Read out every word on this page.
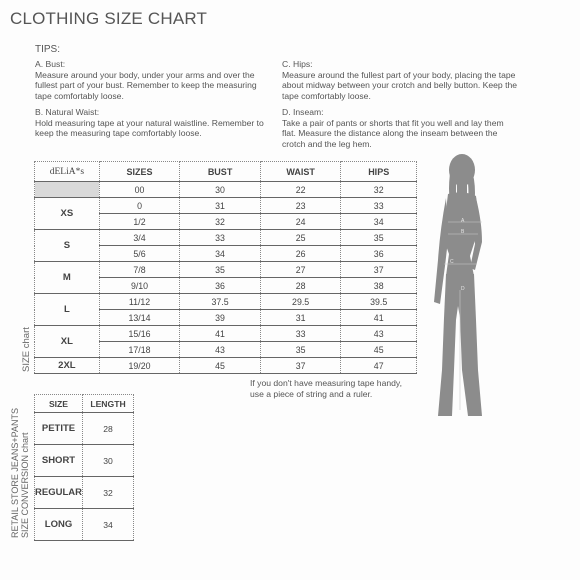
CLOTHING SIZE CHART
TIPS:
A. Bust:
Measure around your body, under your arms and over the fullest part of your bust. Remember to keep the measuring tape comfortably loose.
C. Hips:
Measure around the fullest part of your body, placing the tape about midway between your crotch and belly button. Keep the tape comfortably loose.
B. Natural Waist:
Hold measuring tape at your natural waistline. Remember to keep the measuring tape comfortably loose.
D. Inseam:
Take a pair of pants or shorts that fit you well and lay them flat. Measure the distance along the inseam between the crotch and the leg hem.
SIZE chart
dELiA*s	SIZES	BUST	WAIST	HIPS
	00	30	22	32
XS	0	31	23	33
	1/2	32	24	34
S	3/4	33	25	35
	5/6	34	26	36
M	7/8	35	27	37
	9/10	36	28	38
L	11/12	37.5	29.5	39.5
	13/14	39	31	41
XL	15/16	41	33	43
	17/18	43	35	45
2XL	19/20	45	37	47
If you don't have measuring tape handy,
use a piece of string and a ruler.
RETAIL STORE JEANS+PANTS SIZE CONVERSION chart
SIZE	LENGTH
PETITE	28
SHORT	30
REGULAR	32
LONG	34
A
B
C
D
